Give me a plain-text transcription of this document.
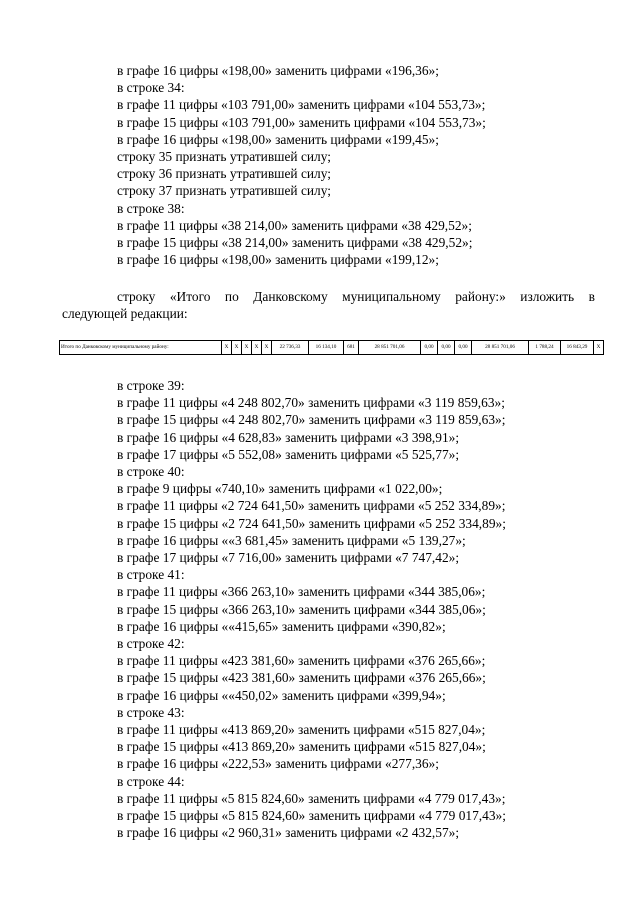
в графе 16 цифры «198,00» заменить цифрами «196,36»;

в строке 34:

в графе 11 цифры «103 791,00» заменить цифрами «104 553,73»;

в графе 15 цифры «103 791,00» заменить цифрами «104 553,73»;

в графе 16 цифры «198,00» заменить цифрами «199,45»;

строку 35 признать утратившей силу;

строку 36 признать утратившей силу;

строку 37 признать утратившей силу;

в строке 38:

в графе 11 цифры «38 214,00» заменить цифрами «38 429,52»;

в графе 15 цифры «38 214,00» заменить цифрами «38 429,52»;

в графе 16 цифры «198,00» заменить цифрами «199,12»;

строку «Итого по Данковскому муниципальному району:» изложить в
следующей редакции:
Итого по Данковскому муниципальному району:	X	X	X	X	X	22 736,33	16 134,10	681	28 851 701,06	0,00	0,00	0,00	28 851 701,06	1 788,24	16 843,29	X

в строке 39:

в графе 11 цифры «4 248 802,70» заменить цифрами «3 119 859,63»;

в графе 15 цифры «4 248 802,70» заменить цифрами «3 119 859,63»;

в графе 16 цифры «4 628,83» заменить цифрами «3 398,91»;

в графе 17 цифры «5 552,08» заменить цифрами «5 525,77»;

в строке 40:

в графе 9 цифры «740,10» заменить цифрами «1 022,00»;

в графе 11 цифры «2 724 641,50» заменить цифрами «5 252 334,89»;

в графе 15 цифры «2 724 641,50» заменить цифрами «5 252 334,89»;

в графе 16 цифры ««3 681,45» заменить цифрами «5 139,27»;

в графе 17 цифры «7 716,00» заменить цифрами «7 747,42»;

в строке 41:

в графе 11 цифры «366 263,10» заменить цифрами «344 385,06»;

в графе 15 цифры «366 263,10» заменить цифрами «344 385,06»;

в графе 16 цифры ««415,65» заменить цифрами «390,82»;

в строке 42:

в графе 11 цифры «423 381,60» заменить цифрами «376 265,66»;

в графе 15 цифры «423 381,60» заменить цифрами «376 265,66»;

в графе 16 цифры ««450,02» заменить цифрами «399,94»;

в строке 43:

в графе 11 цифры «413 869,20» заменить цифрами «515 827,04»;

в графе 15 цифры «413 869,20» заменить цифрами «515 827,04»;

в графе 16 цифры «222,53» заменить цифрами «277,36»;

в строке 44:

в графе 11 цифры «5 815 824,60» заменить цифрами «4 779 017,43»;

в графе 15 цифры «5 815 824,60» заменить цифрами «4 779 017,43»;

в графе 16 цифры «2 960,31» заменить цифрами «2 432,57»;
